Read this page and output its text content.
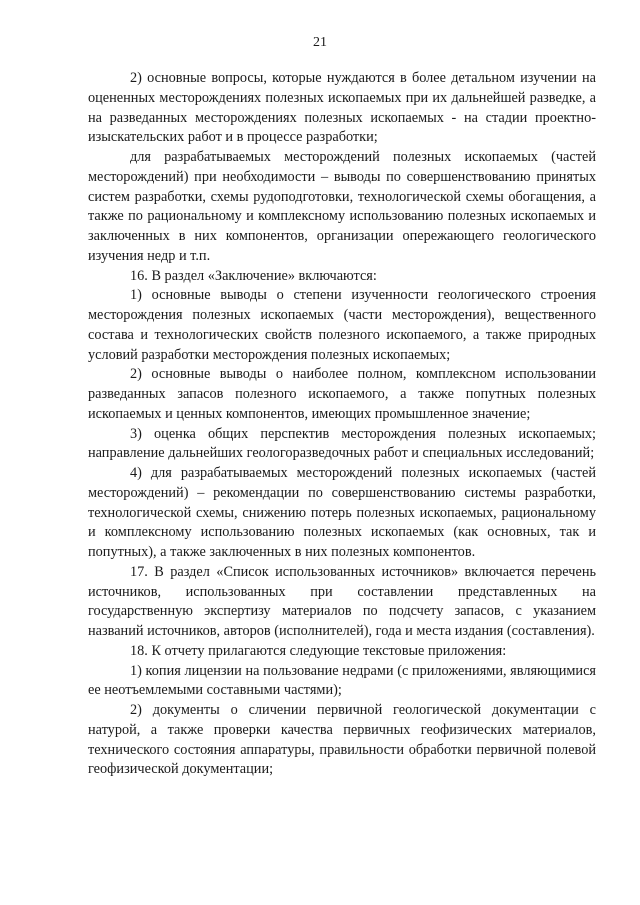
21

2) основные вопросы, которые нуждаются в более детальном изучении на оцененных месторождениях полезных ископаемых при их дальнейшей разведке, а на разведанных месторождениях полезных ископаемых - на стадии проектно-изыскательских работ и в процессе разработки;

для разрабатываемых месторождений полезных ископаемых (частей месторождений) при необходимости – выводы по совершенствованию принятых систем разработки, схемы рудоподготовки, технологической схемы обогащения, а также по рациональному и комплексному использованию полезных ископаемых и заключенных в них компонентов, организации опережающего геологического изучения недр и т.п.

16. В раздел «Заключение» включаются:

1) основные выводы о степени изученности геологического строения месторождения полезных ископаемых (части месторождения), вещественного состава и технологических свойств полезного ископаемого, а также природных условий разработки месторождения полезных ископаемых;

2) основные выводы о наиболее полном, комплексном использовании разведанных запасов полезного ископаемого, а также попутных полезных ископаемых и ценных компонентов, имеющих промышленное значение;

3) оценка общих перспектив месторождения полезных ископаемых; направление дальнейших геологоразведочных работ и специальных исследований;

4) для разрабатываемых месторождений полезных ископаемых (частей месторождений) – рекомендации по совершенствованию системы разработки, технологической схемы, снижению потерь полезных ископаемых, рациональному и комплексному использованию полезных ископаемых (как основных, так и попутных), а также заключенных в них полезных компонентов.

17. В раздел «Список использованных источников» включается перечень источников, использованных при составлении представленных на государственную экспертизу материалов по подсчету запасов, с указанием названий источников, авторов (исполнителей), года и места издания (составления).

18. К отчету прилагаются следующие текстовые приложения:

1) копия лицензии на пользование недрами (с приложениями, являющимися ее неотъемлемыми составными частями);

2) документы о сличении первичной геологической документации с натурой, а также проверки качества первичных геофизических материалов, технического состояния аппаратуры, правильности обработки первичной полевой геофизической документации;
